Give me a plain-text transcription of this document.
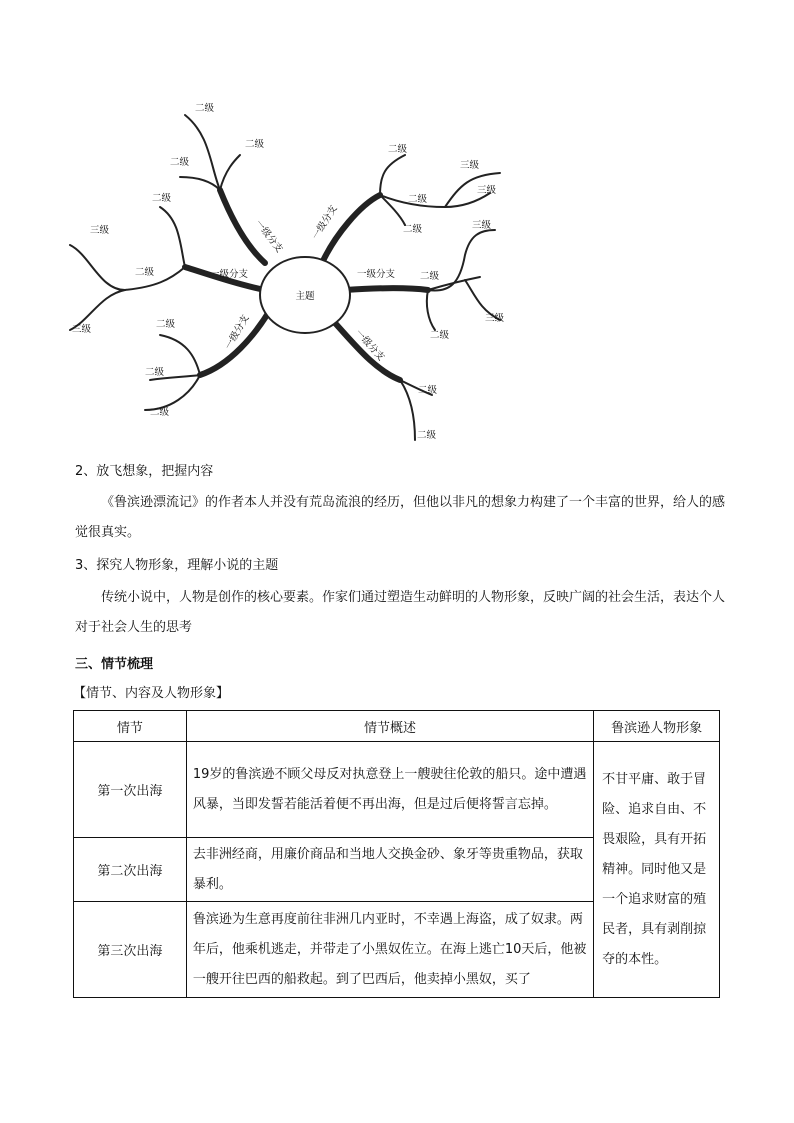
主题
一级分支	一级分支
一级分支	一级分支
一级分支	一级分支
二级
二级
二级
二级
二级
二级
二级
二级
二级
二级
二级
二级
二级
二级
二级
三级
三级
三级
三级
三级
三级
2、放飞想象，把握内容
《鲁滨逊漂流记》的作者本人并没有荒岛流浪的经历，但他以非凡的想象力构建了一个丰富的世界，给人的感觉很真实。
3、探究人物形象，理解小说的主题
传统小说中，人物是创作的核心要素。作家们通过塑造生动鲜明的人物形象，反映广阔的社会生活，表达个人对于社会人生的思考
三、情节梳理
【情节、内容及人物形象】
情节	情节概述	鲁滨逊人物形象
第一次出海	19岁的鲁滨逊不顾父母反对执意登上一艘驶往伦敦的船只。途中遭遇风暴，当即发誓若能活着便不再出海，但是过后便将誓言忘掉。	不甘平庸、敢于冒险、追求自由、不畏艰险，具有开拓精神。同时他又是一个追求财富的殖民者，具有剥削掠夺的本性。
第二次出海	去非洲经商，用廉价商品和当地人交换金砂、象牙等贵重物品，获取暴利。	
第三次出海	鲁滨逊为生意再度前往非洲几内亚时，不幸遇上海盗，成了奴隶。两年后，他乘机逃走，并带走了小黑奴佐立。在海上逃亡10天后，他被一艘开往巴西的船救起。到了巴西后，他卖掉小黑奴，买了	
